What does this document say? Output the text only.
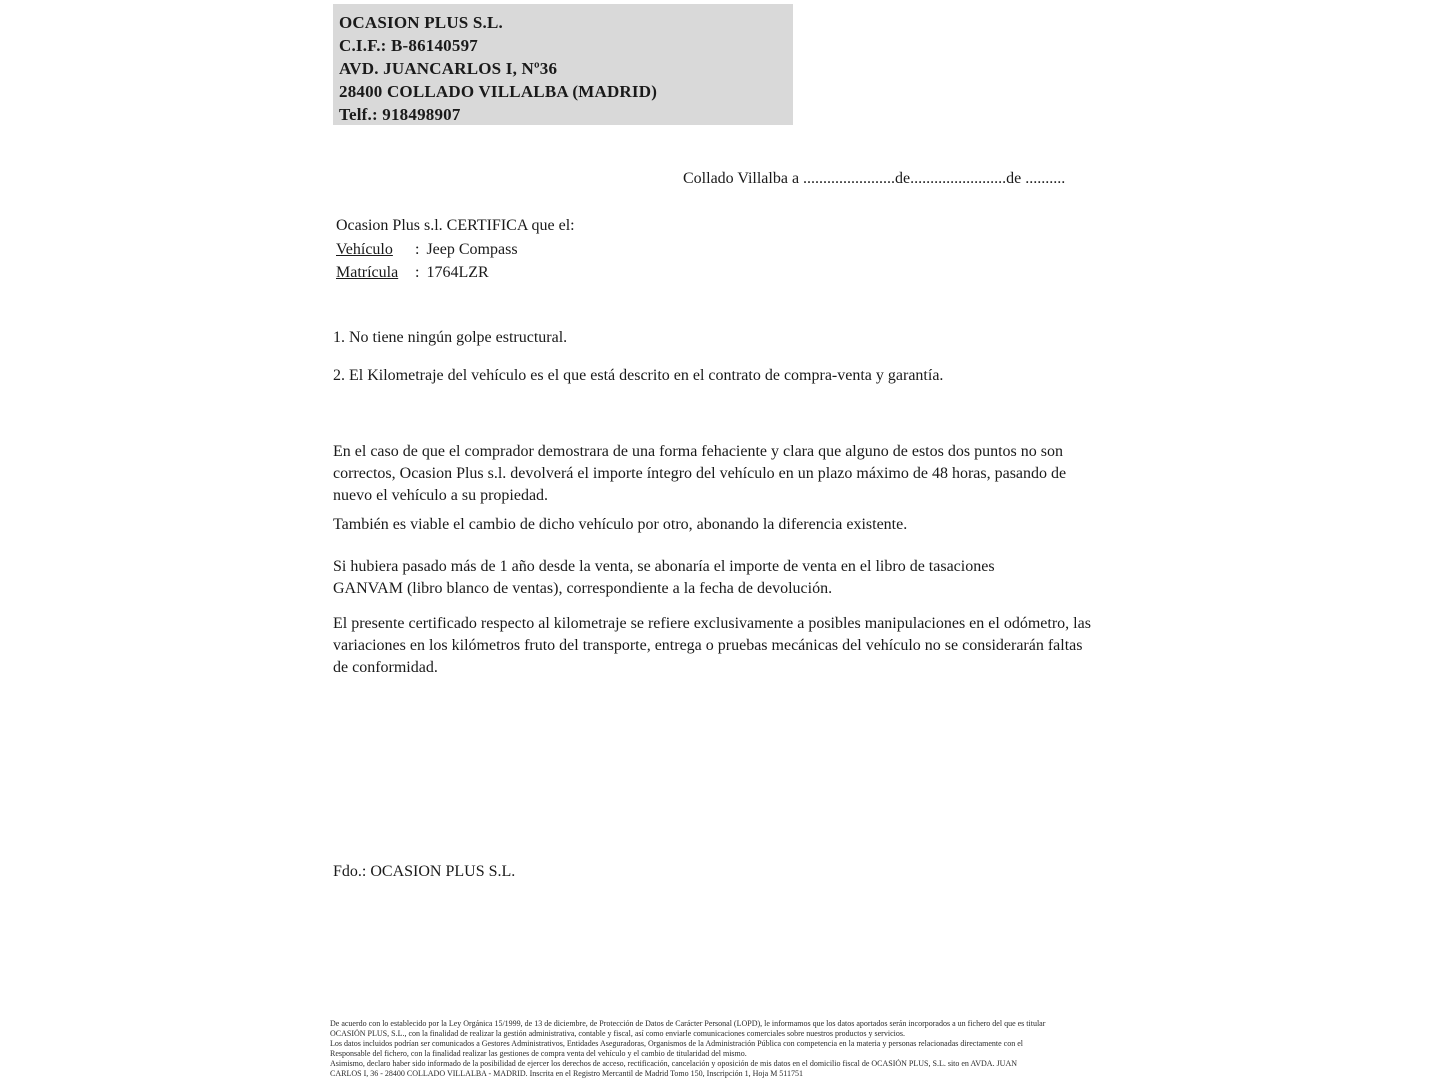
OCASION PLUS S.L.
C.I.F.: B-86140597
AVD. JUANCARLOS I, Nº36
28400 COLLADO VILLALBA (MADRID)
Telf.: 918498907
Collado Villalba a .......................de........................de ..........
Ocasion Plus s.l. CERTIFICA que el:
Vehículo : Jeep Compass
Matrícula : 1764LZR
1. No tiene ningún golpe estructural.
2. El Kilometraje del vehículo es el que está descrito en el contrato de compra-venta y garantía.
En el caso de que el comprador demostrara de una forma fehaciente y clara que alguno de estos dos puntos no son correctos, Ocasion Plus s.l. devolverá el importe íntegro del vehículo en un plazo máximo de 48 horas, pasando de nuevo el vehículo a su propiedad.
También es viable el cambio de dicho vehículo por otro, abonando la diferencia existente.
Si hubiera pasado más de 1 año desde la venta, se abonaría el importe de venta en el libro de tasaciones GANVAM (libro blanco de ventas), correspondiente a la fecha de devolución.
El presente certificado respecto al kilometraje se refiere exclusivamente a posibles manipulaciones en el odómetro, las variaciones en los kilómetros fruto del transporte, entrega o pruebas mecánicas del vehículo no se considerarán faltas de conformidad.
Fdo.: OCASION PLUS S.L.
De acuerdo con lo establecido por la Ley Orgánica 15/1999, de 13 de diciembre, de Protección de Datos de Carácter Personal (LOPD), le informamos que los datos aportados serán incorporados a un fichero del que es titular
OCASIÓN PLUS, S.L., con la finalidad de realizar la gestión administrativa, contable y fiscal, así como enviarle comunicaciones comerciales sobre nuestros productos y servicios.
Los datos incluidos podrían ser comunicados a Gestores Administrativos, Entidades Aseguradoras, Organismos de la Administración Pública con competencia en la materia y personas relacionadas directamente con el
Responsable del fichero, con la finalidad realizar las gestiones de compra venta del vehículo y el cambio de titularidad del mismo.
Asimismo, declaro haber sido informado de la posibilidad de ejercer los derechos de acceso, rectificación, cancelación y oposición de mis datos en el domicilio fiscal de OCASIÓN PLUS, S.L. sito en AVDA. JUAN
CARLOS I, 36 - 28400 COLLADO VILLALBA - MADRID. Inscrita en el Registro Mercantil de Madrid Tomo 150, Inscripción 1, Hoja M 511751
